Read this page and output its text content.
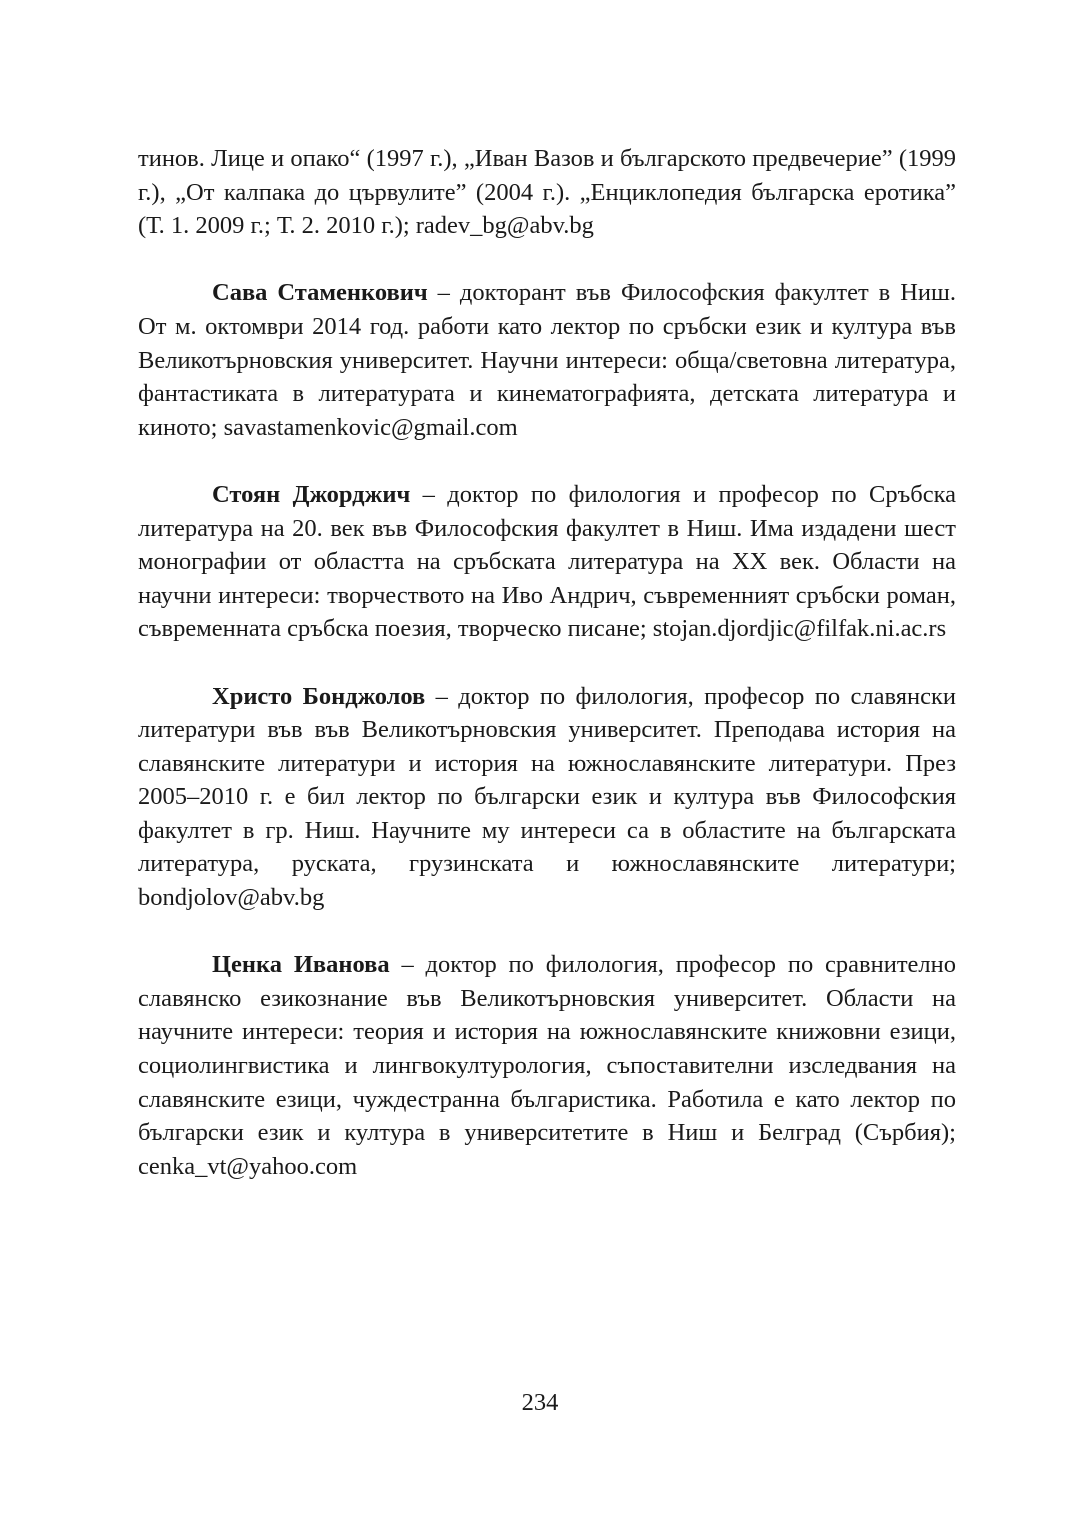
тинов. Лице и опако“ (1997 г.), „Иван Вазов и българското предвечерие” (1999 г.), „От калпака до цървулите” (2004 г.). „Енциклопедия българска еротика” (Т. 1. 2009 г.; Т. 2. 2010 г.); radev_bg@abv.bg

Сава Стаменкович – докторант във Философския факултет в Ниш. От м. октомври 2014 год. работи като лектор по сръбски език и култура във Великотърновския университет. Научни интереси: обща/световна литература, фантастиката в литературата и кинематографията, детската литература и киното; savastamenkovic@gmail.com

Стоян Джорджич – доктор по филология и професор по Сръбска литература на 20. век във Философския факултет в Ниш. Има издадени шест монографии от областта на сръбската литература на XX век. Области на научни интереси: творчеството на Иво Андрич, съвременният сръбски роман, съвременната сръбска поезия, творческо писане; stojan.djordjic@filfak.ni.ac.rs

Христо Бонджолов – доктор по филология, професор по славянски литератури във във Великотърновския университет. Преподава история на славянските литератури и история на южнославянските литератури. През 2005–2010 г. е бил лектор по български език и култура във Философския факултет в гр. Ниш. Научните му интереси са в областите на българската литература, руската, грузинската и южнославянските литератури; bondjolov@abv.bg

Ценка Иванова – доктор по филология, професор по сравнително славянско езикознание във Великотърновския университет. Области на научните интереси: теория и история на южнославянските книжовни езици, социолингвистика и лингвокултурология, съпоставителни изследвания на славянските езици, чуждестранна българистика. Работила е като лектор по български език и култура в университетите в Ниш и Белград (Сърбия); cenka_vt@yahoo.com

234
